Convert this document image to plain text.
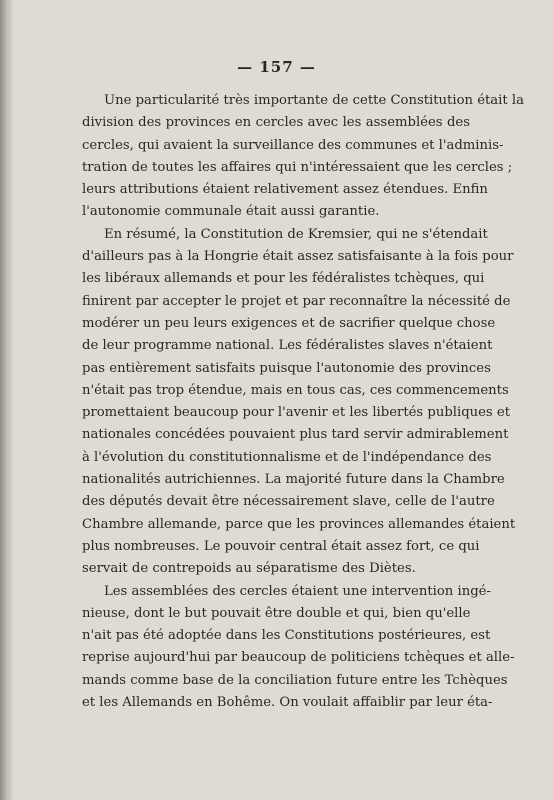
— 157 —
Une particularité très importante de cette Constitution était la
division des provinces en cercles avec les assemblées des
cercles, qui avaient la surveillance des communes et l'adminis-
tration de toutes les affaires qui n'intéressaient que les cercles ;
leurs attributions étaient relativement assez étendues. Enfin
l'autonomie communale était aussi garantie.
En résumé, la Constitution de Kremsier, qui ne s'étendait
d'ailleurs pas à la Hongrie était assez satisfaisante à la fois pour
les libéraux allemands et pour les fédéralistes tchèques, qui
finirent par accepter le projet et par reconnaître la nécessité de
modérer un peu leurs exigences et de sacrifier quelque chose
de leur programme national. Les fédéralistes slaves n'étaient
pas entièrement satisfaits puisque l'autonomie des provinces
n'était pas trop étendue, mais en tous cas, ces commencements
promettaient beaucoup pour l'avenir et les libertés publiques et
nationales concédées pouvaient plus tard servir admirablement
à l'évolution du constitutionnalisme et de l'indépendance des
nationalités autrichiennes. La majorité future dans la Chambre
des députés devait être nécessairement slave, celle de l'autre
Chambre allemande, parce que les provinces allemandes étaient
plus nombreuses. Le pouvoir central était assez fort, ce qui
servait de contrepoids au séparatisme des Diètes.
Les assemblées des cercles étaient une intervention ingé-
nieuse, dont le but pouvait être double et qui, bien qu'elle
n'ait pas été adoptée dans les Constitutions postérieures, est
reprise aujourd'hui par beaucoup de politiciens tchèques et alle-
mands comme base de la conciliation future entre les Tchèques
et les Allemands en Bohême. On voulait affaiblir par leur éta-
